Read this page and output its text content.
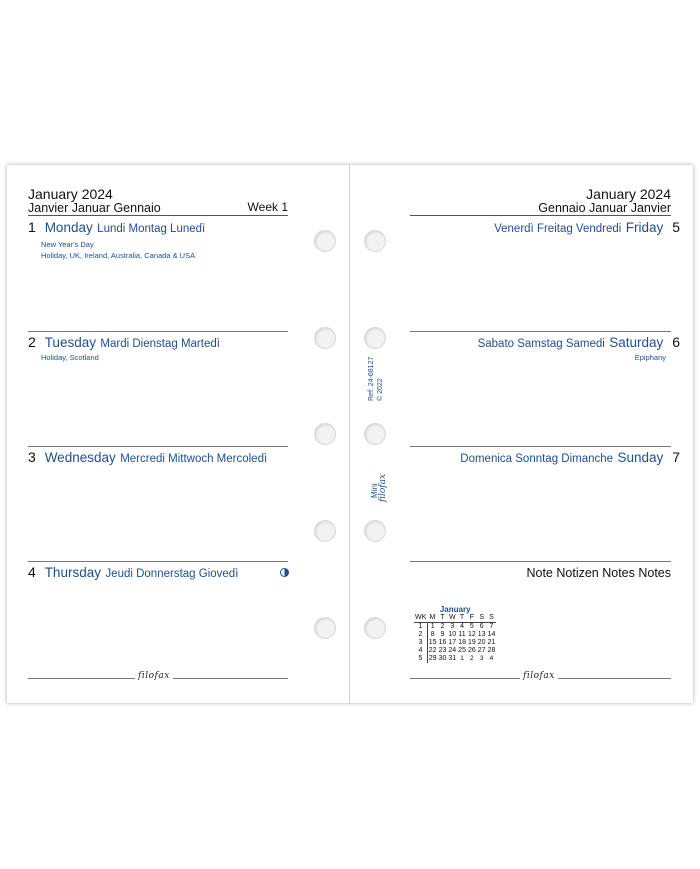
January 2024
Janvier Januar Gennaio	Week 1
1 Monday Lundi Montag Lunedì
New Year's Day
Holiday, UK, Ireland, Australia, Canada & USA
2 Tuesday Mardi Dienstag Martedì
Holiday, Scotland
3 Wednesday Mercredi Mittwoch Mercoledì
4 Thursday Jeudi Donnerstag Giovedì
filofax
Ref: 24-68127 © 2022
Mini filofax
January 2024
Gennaio Januar Janvier
Venerdì Freitag Vendredi Friday 5
Sabato Samstag Samedi Saturday 6
Epiphany
Domenica Sonntag Dimanche Sunday 7
Note Notizen Notes Notes
January
WK	M	T	W	T	F	S	S
1	1	2	3	4	5	6	7
2	8	9	10	11	12	13	14
3	15	16	17	18	19	20	21
4	22	23	24	25	26	27	28
5	29	30	31	1	2	3	4
filofax
